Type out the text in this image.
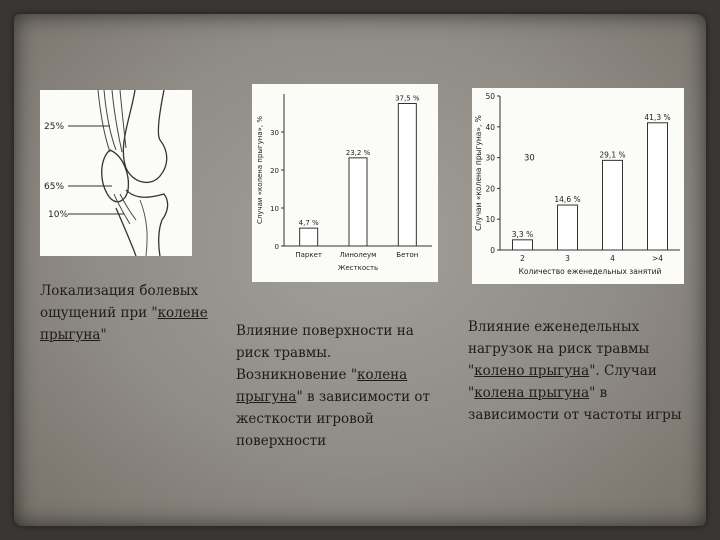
25%
65%
10%

Локализация болевых ощущений при "колене прыгуна"

0
10
20
30
4,7 %
Паркет
23,2 %
Линолеум
37,5 %
Бетон
Жесткость
Случаи «колена прыгуна», %

Влияние поверхности на риск травмы. Возникновение "колена прыгуна" в зависимости от жесткости игровой поверхности

0
10
20
30
40
50
3,3 %
2
14,6 %
3
29,1 %
4
41,3 %
>4
Количество еженедельных занятий
Случаи «колена прыгуна», %	30

Влияние еженедельных нагрузок на риск травмы "колено прыгуна". Случаи "колена прыгуна" в зависимости от частоты игры
